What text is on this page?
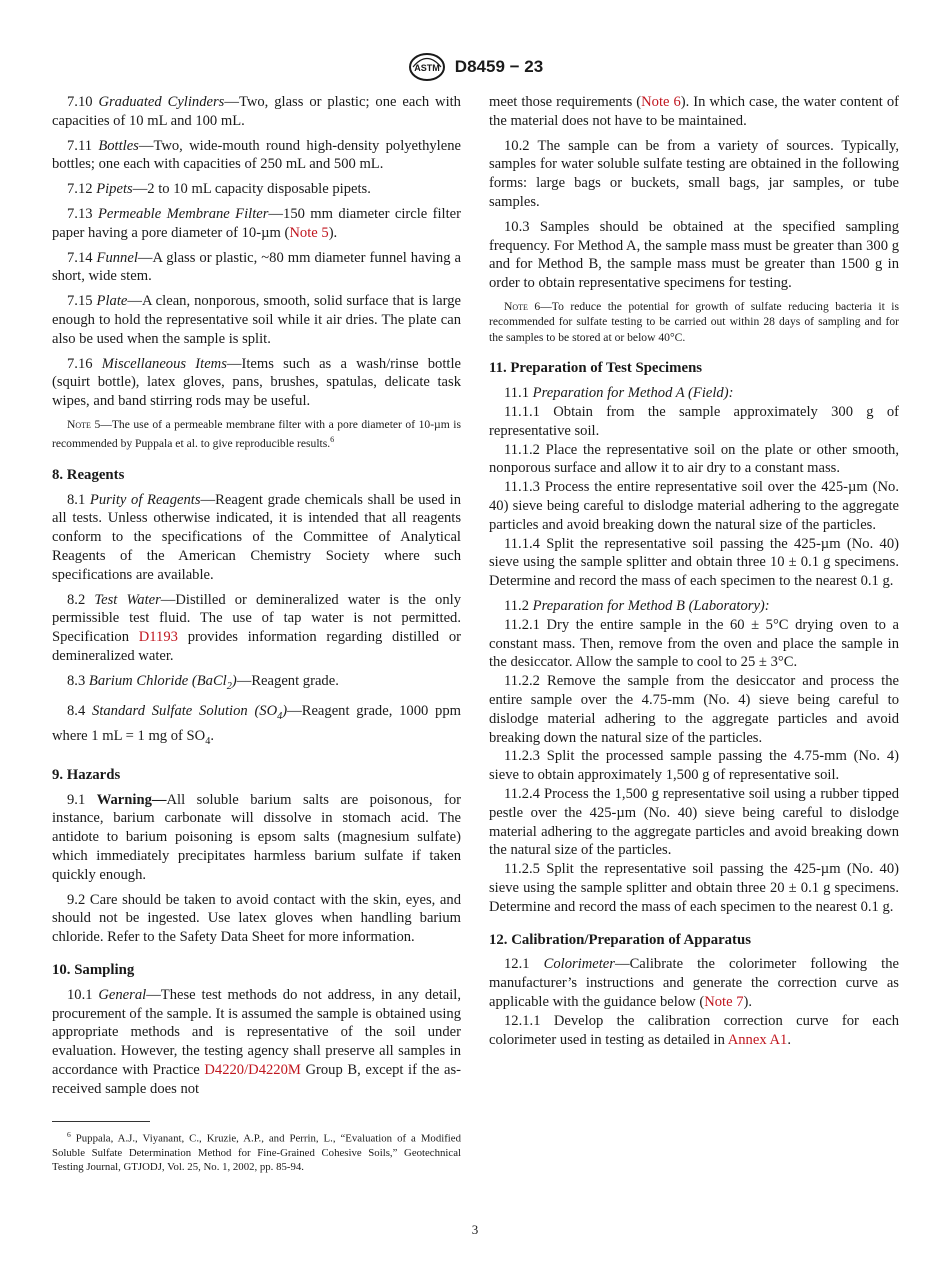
ASTM D8459 − 23

7.10 Graduated Cylinders—Two, glass or plastic; one each with capacities of 10 mL and 100 mL.

7.11 Bottles—Two, wide-mouth round high-density polyethylene bottles; one each with capacities of 250 mL and 500 mL.

7.12 Pipets—2 to 10 mL capacity disposable pipets.

7.13 Permeable Membrane Filter—150 mm diameter circle filter paper having a pore diameter of 10-µm (Note 5).

7.14 Funnel—A glass or plastic, ~80 mm diameter funnel having a short, wide stem.

7.15 Plate—A clean, nonporous, smooth, solid surface that is large enough to hold the representative soil while it air dries. The plate can also be used when the sample is split.

7.16 Miscellaneous Items—Items such as a wash/rinse bottle (squirt bottle), latex gloves, pans, brushes, spatulas, delicate task wipes, and band stirring rods may be useful.

Note 5—The use of a permeable membrane filter with a pore diameter of 10-µm is recommended by Puppala et al. to give reproducible results.$^6$
8. Reagents

8.1 Purity of Reagents—Reagent grade chemicals shall be used in all tests. Unless otherwise indicated, it is intended that all reagents conform to the specifications of the Committee of Analytical Reagents of the American Chemistry Society where such specifications are available.

8.2 Test Water—Distilled or demineralized water is the only permissible test fluid. The use of tap water is not permitted. Specification D1193 provides information regarding distilled or demineralized water.

8.3 Barium Chloride (BaCl$_2$)—Reagent grade.

8.4 Standard Sulfate Solution $(SO_4)—Reagent$ grade, 1000 ppm where 1 mL = 1 mg of $SO_4$.

9. Hazards

9.1 Warning—All soluble barium salts are poisonous, for instance, barium carbonate will dissolve in stomach acid. The antidote to barium poisoning is epsom salts (magnesium sulfate) which immediately precipitates harmless barium sulfate if taken quickly enough.

9.2 Care should be taken to avoid contact with the skin, eyes, and should not be ingested. Use latex gloves when handling barium chloride. Refer to the Safety Data Sheet for more information.

10. Sampling

10.1 General—These test methods do not address, in any detail, procurement of the sample. It is assumed the sample is obtained using appropriate methods and is representative of the soil under evaluation. However, the testing agency shall preserve all samples in accordance with Practice D4220/D4220M Group B, except if the as-received sample does not

$^6$ Puppala, A.J., Viyanant, C., Kruzie, A.P., and Perrin, L., “Evaluation of a Modified Soluble Sulfate Determination Method for Fine-Grained Cohesive Soils,” Geotechnical Testing Journal, GTJODJ, Vol. 25, No. 1, 2002, pp. 85-94.

meet those requirements (Note 6). In which case, the water content of the material does not have to be maintained.

10.2 The sample can be from a variety of sources. Typically, samples for water soluble sulfate testing are obtained in the following forms: large bags or buckets, small bags, jar samples, or tube samples.

10.3 Samples should be obtained at the specified sampling frequency. For Method A, the sample mass must be greater than 300 g and for Method B, the sample mass must be greater than 1500 g in order to obtain representative specimens for testing.

Note 6—To reduce the potential for growth of sulfate reducing bacteria it is recommended for sulfate testing to be carried out within 28 days of sampling and for the samples to be stored at or below 40°C.
11. Preparation of Test Specimens

11.1 Preparation for Method A (Field):

11.1.1 Obtain from the sample approximately 300 g of representative soil.

11.1.2 Place the representative soil on the plate or other smooth, nonporous surface and allow it to air dry to a constant mass.

11.1.3 Process the entire representative soil over the 425-µm (No. 40) sieve being careful to dislodge material adhering to the aggregate particles and avoid breaking down the natural size of the particles.

11.1.4 Split the representative soil passing the 425-µm (No. 40) sieve using the sample splitter and obtain three 10 ± 0.1 g specimens. Determine and record the mass of each specimen to the nearest 0.1 g.

11.2 Preparation for Method B (Laboratory):

11.2.1 Dry the entire sample in the 60 ± 5°C drying oven to a constant mass. Then, remove from the oven and place the sample in the desiccator. Allow the sample to cool to 25 ± 3°C.

11.2.2 Remove the sample from the desiccator and process the entire sample over the 4.75-mm (No. 4) sieve being careful to dislodge material adhering to the aggregate particles and avoid breaking down the natural size of the particles.

11.2.3 Split the processed sample passing the 4.75-mm (No. 4) sieve to obtain approximately 1,500 g of representative soil.

11.2.4 Process the 1,500 g representative soil using a rubber tipped pestle over the 425-µm (No. 40) sieve being careful to dislodge material adhering to the aggregate particles and avoid breaking down the natural size of the particles.

11.2.5 Split the representative soil passing the 425-µm (No. 40) sieve using the sample splitter and obtain three 20 ± 0.1 g specimens. Determine and record the mass of each specimen to the nearest 0.1 g.

12. Calibration/Preparation of Apparatus

12.1 Colorimeter—Calibrate the colorimeter following the manufacturer’s instructions and generate the correction curve as applicable with the guidance below (Note 7).

12.1.1 Develop the calibration correction curve for each colorimeter used in testing as detailed in Annex A1.

3
